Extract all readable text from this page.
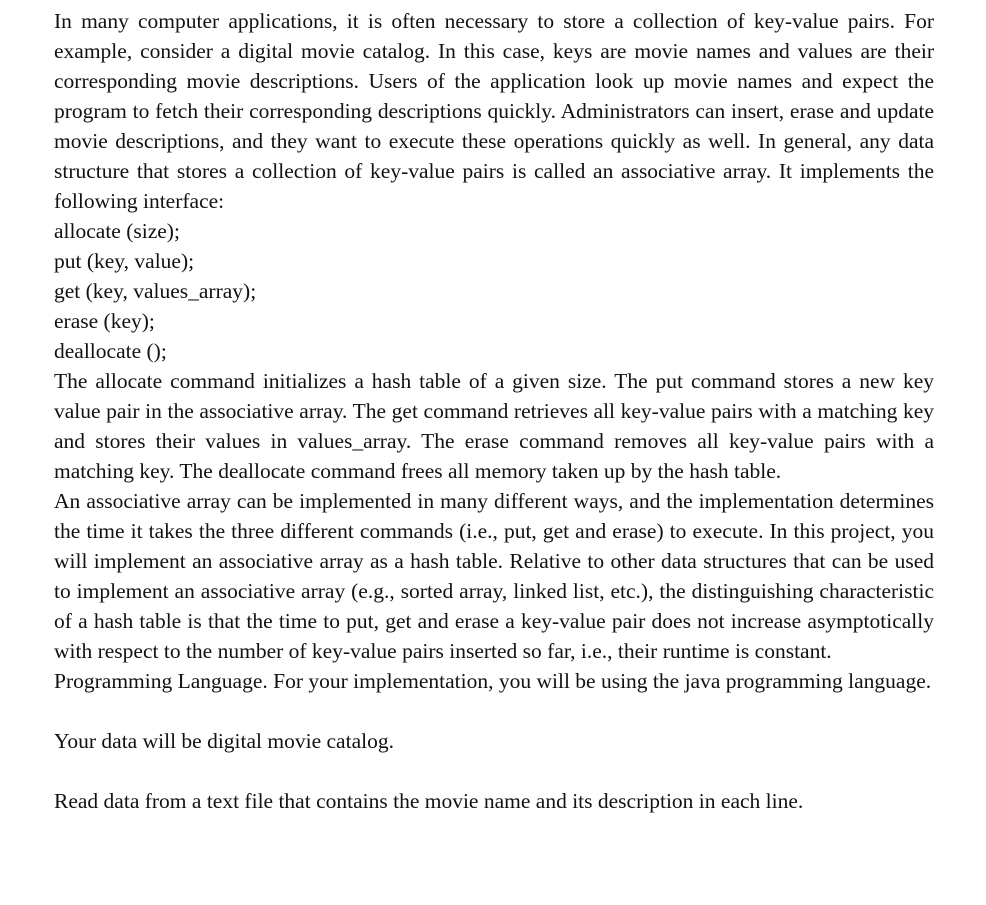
In many computer applications, it is often necessary to store a collection of key-value pairs. For example, consider a digital movie catalog. In this case, keys are movie names and values are their corresponding movie descriptions. Users of the application look up movie names and expect the program to fetch their corresponding descriptions quickly. Administrators can insert, erase and update movie descriptions, and they want to execute these operations quickly as well. In general, any data structure that stores a collection of key-value pairs is called an associative array. It implements the following interface:

allocate (size);

put (key, value);

get (key, values_array);

erase (key);

deallocate ();

The allocate command initializes a hash table of a given size. The put command stores a new key value pair in the associative array. The get command retrieves all key-value pairs with a matching key and stores their values in values_array. The erase command removes all key-value pairs with a matching key. The deallocate command frees all memory taken up by the hash table.

An associative array can be implemented in many different ways, and the implementation determines the time it takes the three different commands (i.e., put, get and erase) to execute. In this project, you will implement an associative array as a hash table. Relative to other data structures that can be used to implement an associative array (e.g., sorted array, linked list, etc.), the distinguishing characteristic of a hash table is that the time to put, get and erase a key-value pair does not increase asymptotically with respect to the number of key-value pairs inserted so far, i.e., their runtime is constant.

Programming Language. For your implementation, you will be using the java programming language.

Your data will be digital movie catalog.

Read data from a text file that contains the movie name and its description in each line.
